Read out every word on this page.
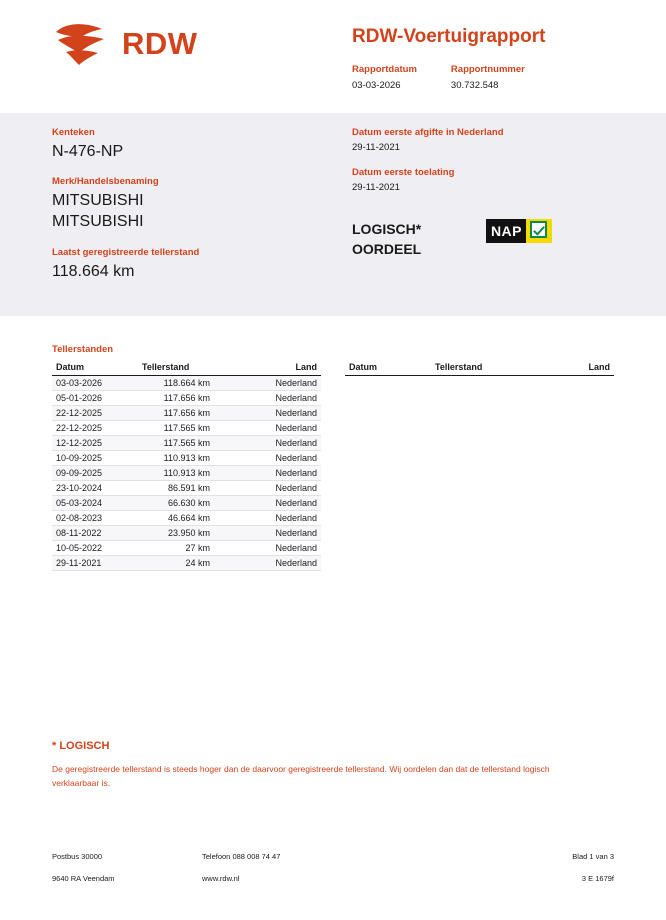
RDW	RDW-Voertuigrapport
Rapportdatum
03-03-2026
Rapportnummer
30.732.548
Kenteken
N-476-NP
Merk/Handelsbenaming
MITSUBISHI
MITSUBISHI
Laatst geregistreerde tellerstand
118.664 km
Datum eerste afgifte in Nederland
29-11-2021
Datum eerste toelating
29-11-2021
LOGISCH*
OORDEEL
NAP
Tellerstanden
Datum	Tellerstand	Land
03-03-2026	118.664 km	Nederland
05-01-2026	117.656 km	Nederland
22-12-2025	117.656 km	Nederland
22-12-2025	117.565 km	Nederland
12-12-2025	117.565 km	Nederland
10-09-2025	110.913 km	Nederland
09-09-2025	110.913 km	Nederland
23-10-2024	86.591 km	Nederland
05-03-2024	66.630 km	Nederland
02-08-2023	46.664 km	Nederland
08-11-2022	23.950 km	Nederland
10-05-2022	27 km	Nederland
29-11-2021	24 km	Nederland
Datum	Tellerstand	Land
* LOGISCH
De geregistreerde tellerstand is steeds hoger dan de daarvoor geregistreerde tellerstand. Wij oordelen dan dat de tellerstand logisch verklaarbaar is.
Postbus 30000	Telefoon 088 008 74 47	Blad 1 van 3
9640 RA Veendam	www.rdw.nl	3 E 1679f
